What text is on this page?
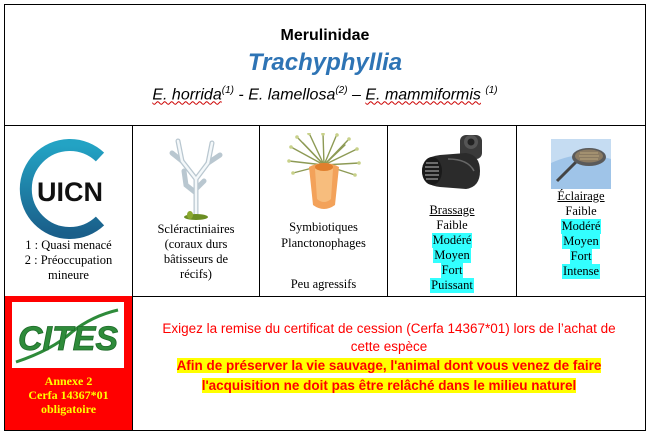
Merulinidae
Trachyphyllia
E. horrida$^{(1)}$ - E. lamellosa$^{(2)}$ – E. mammiformis $^{(1)}$
UICN
1 : Quasi menacé
2 : Préoccupation
mineure
Scléractiniaires
(coraux durs
bâtisseurs de
récifs)
Symbiotiques
Planctonophages
Peu agressifs
Brassage
Faible
Modéré
Moyen
Fort
Puissant
Éclairage
Faible
Modéré
Moyen
Fort
Intense
CITES
Annexe 2
Cerfa 14367*01
obligatoire
Exigez la remise du certificat de cession (Cerfa 14367*01) lors de l’achat de
cette espèce
Afin de préserver la vie sauvage, l'animal dont vous venez de faire
l'acquisition ne doit pas être relâché dans le milieu naturel
